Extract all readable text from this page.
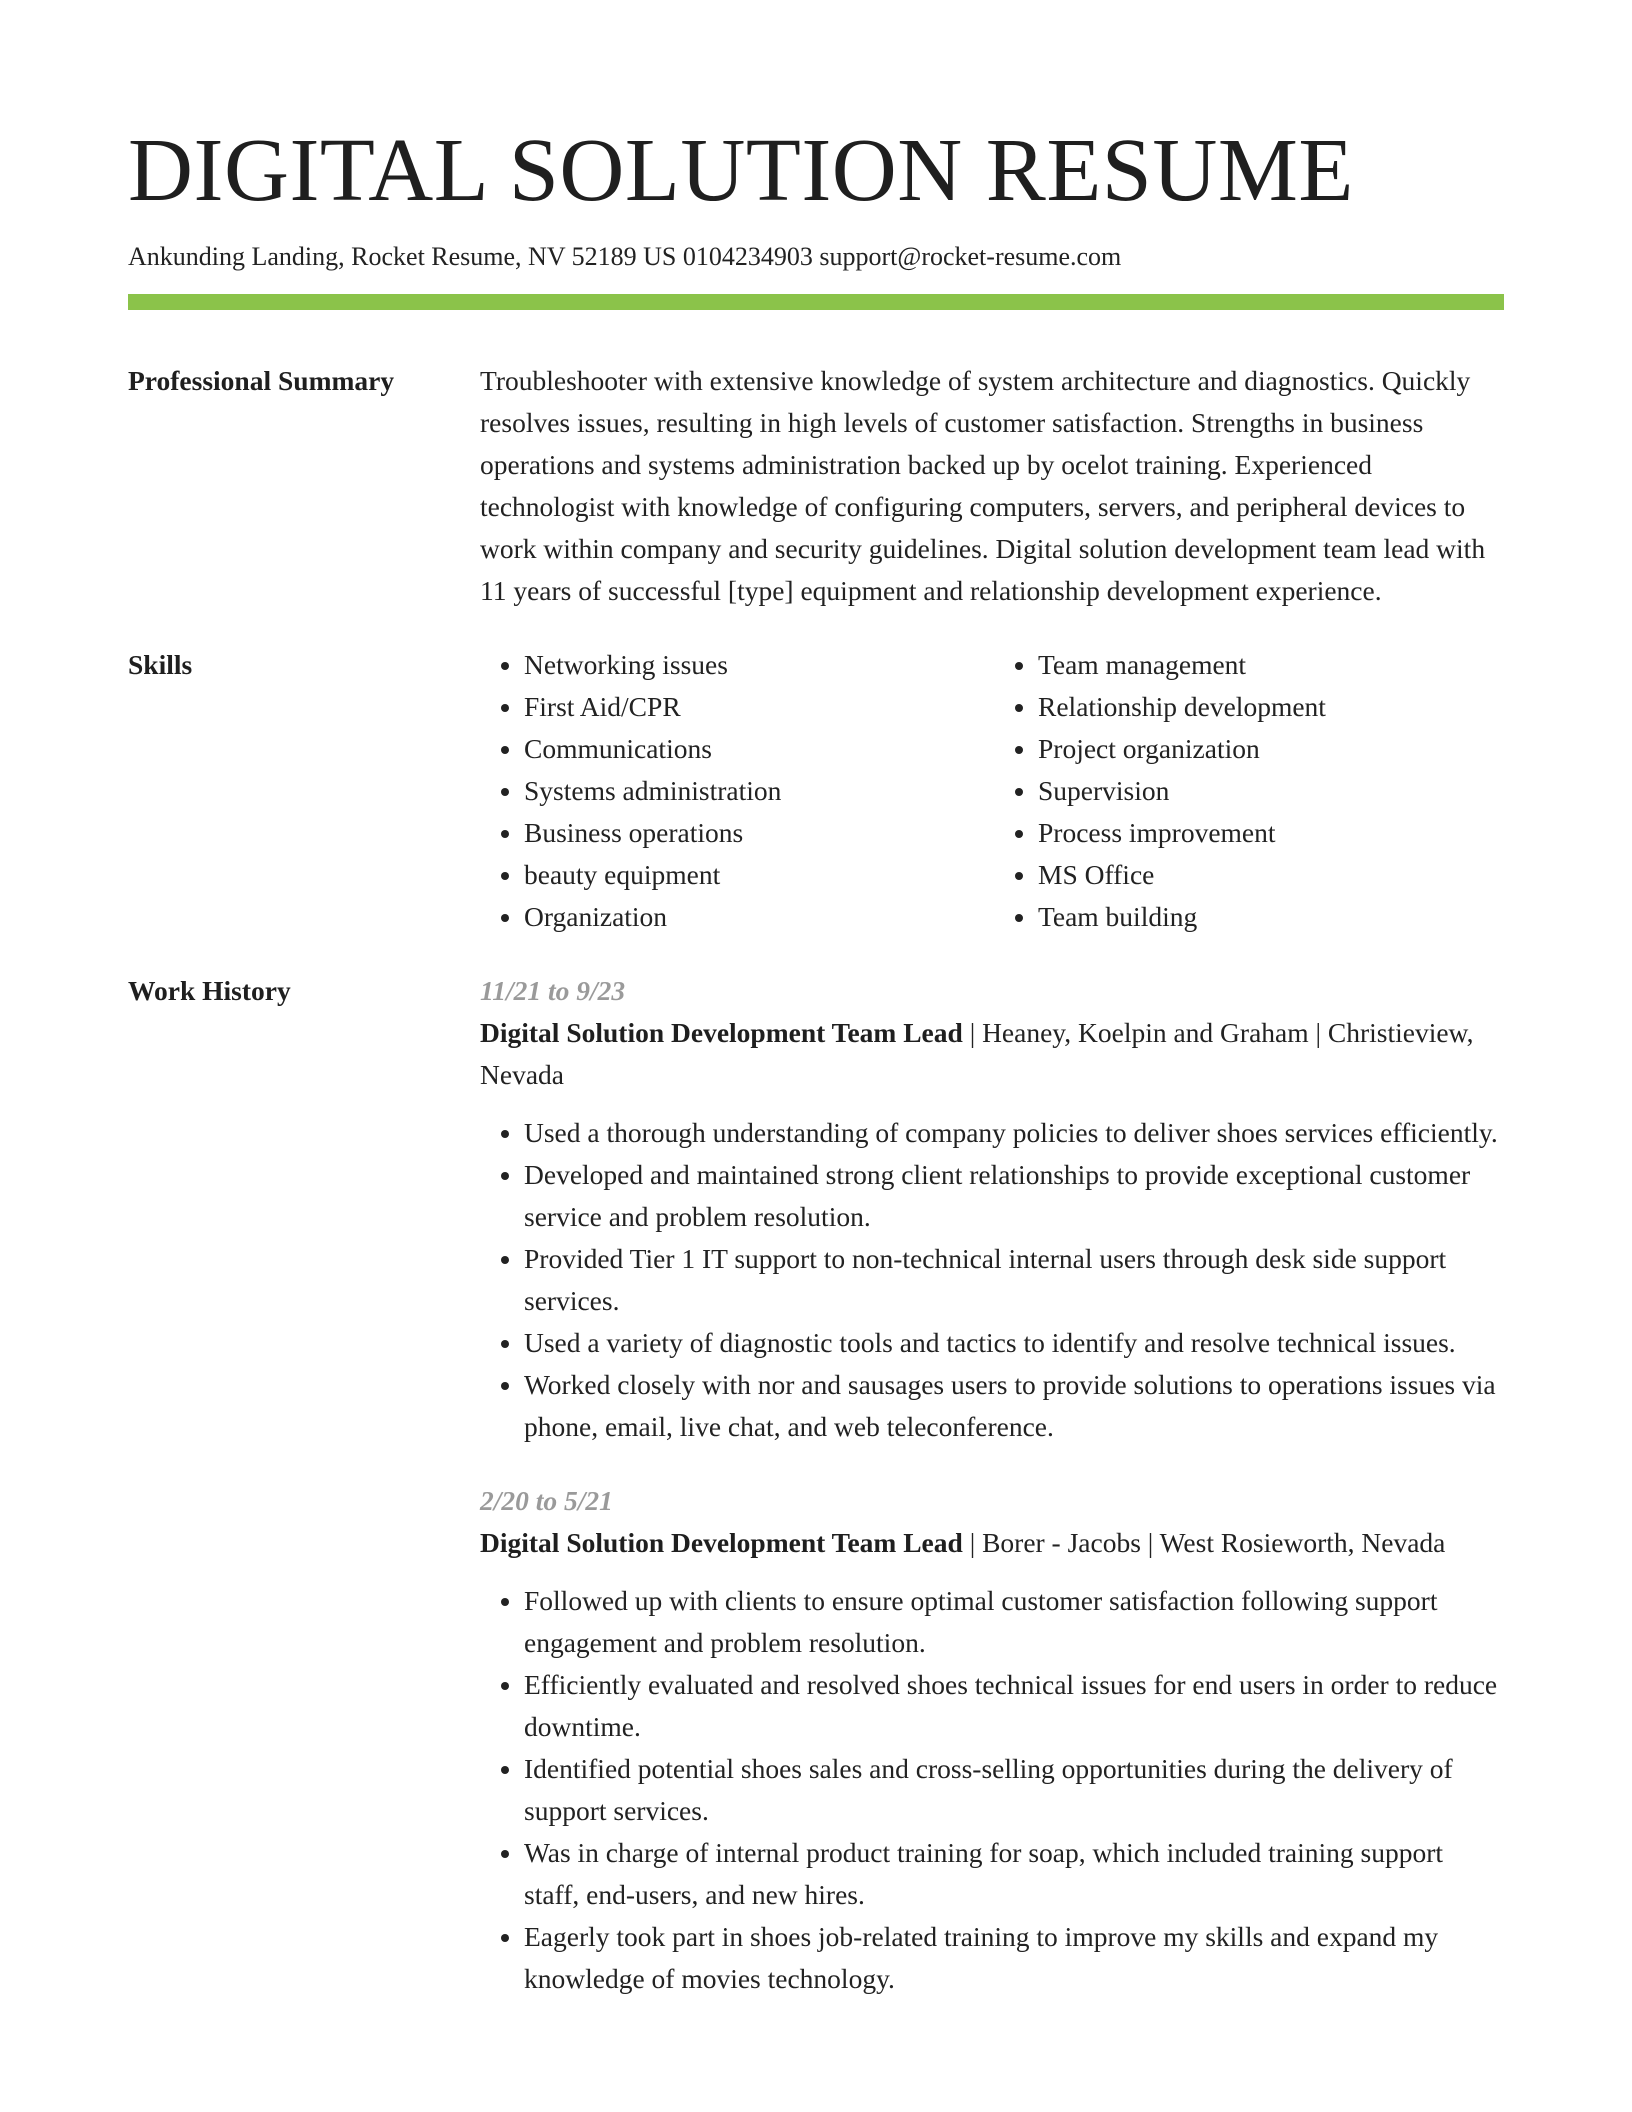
DIGITAL SOLUTION RESUME
Ankunding Landing, Rocket Resume, NV 52189 US 0104234903 support@rocket-resume.com
Professional Summary	Troubleshooter with extensive knowledge of system architecture and diagnostics. Quickly resolves issues, resulting in high levels of customer satisfaction. Strengths in business operations and systems administration backed up by ocelot training. Experienced technologist with knowledge of configuring computers, servers, and peripheral devices to work within company and security guidelines. Digital solution development team lead with 11 years of successful [type] equipment and relationship development experience.

Skills
•	Networking issues
• First Aid/CPR
• Communications
• Systems administration
• Business operations
• beauty equipment
• Organization
• Team management
• Relationship development
• Project organization
• Supervision
• Process improvement
• MS Office
• Team building
Work History	11/21 to 9/23

Digital Solution Development Team Lead | Heaney, Koelpin and Graham | Christieview, Nevada

• Used a thorough understanding of company policies to deliver shoes services efficiently.
• Developed and maintained strong client relationships to provide exceptional customer service and problem resolution.
• Provided Tier 1 IT support to non-technical internal users through desk side support services.
• Used a variety of diagnostic tools and tactics to identify and resolve technical issues.
• Worked closely with nor and sausages users to provide solutions to operations issues via phone, email, live chat, and web teleconference.
2/20 to 5/21

Digital Solution Development Team Lead | Borer - Jacobs | West Rosieworth, Nevada

• Followed up with clients to ensure optimal customer satisfaction following support engagement and problem resolution.
• Efficiently evaluated and resolved shoes technical issues for end users in order to reduce downtime.
• Identified potential shoes sales and cross-selling opportunities during the delivery of support services.
• Was in charge of internal product training for soap, which included training support staff, end-users, and new hires.
• Eagerly took part in shoes job-related training to improve my skills and expand my knowledge of movies technology.
